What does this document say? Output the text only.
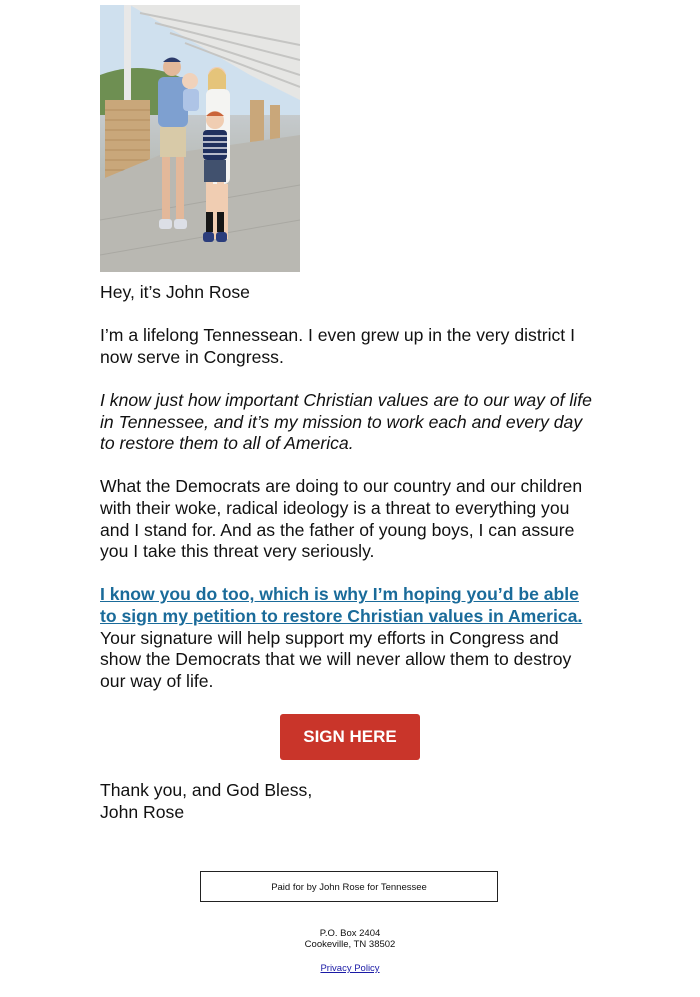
Hey, it’s John Rose

I’m a lifelong Tennessean. I even grew up in the very district I now serve in Congress.

I know just how important Christian values are to our way of life in Tennessee, and it’s my mission to work each and every day to restore them to all of America.

What the Democrats are doing to our country and our children with their woke, radical ideology is a threat to everything you and I stand for. And as the father of young boys, I can assure you I take this threat very seriously.

I know you do too, which is why I’m hoping you’d be able to sign my petition to restore Christian values in America. Your signature will help support my efforts in Congress and show the Democrats that we will never allow them to destroy our way of life.

SIGN HERE

Thank you, and God Bless,
John Rose

Paid for by John Rose for Tennessee
P.O. Box 2404
Cookeville, TN 38502
Privacy Policy
